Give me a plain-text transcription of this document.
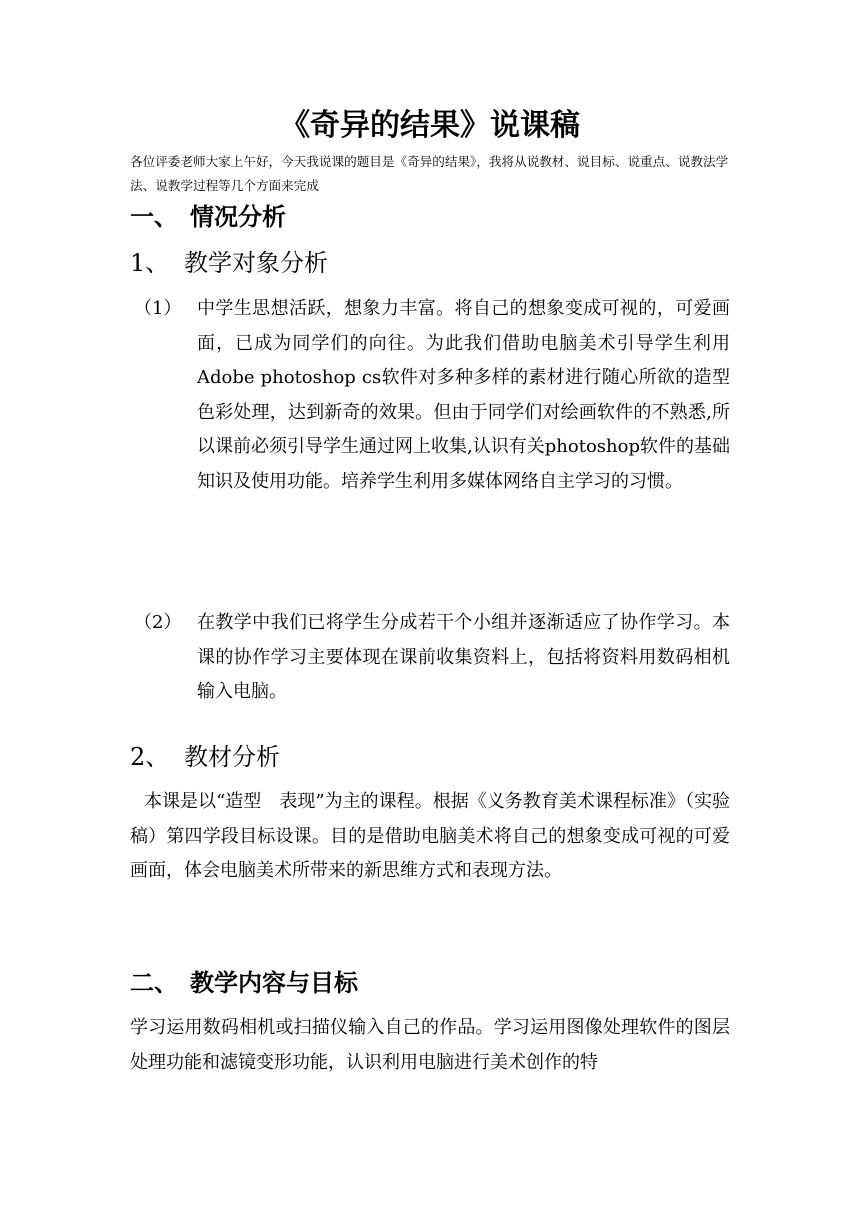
《奇异的结果》说课稿
各位评委老师大家上午好，今天我说课的题目是《奇异的结果》，我将从说教材、说目标、说重点、说教法学法、说教学过程等几个方面来完成
一、 情况分析
1、 教学对象分析
（1） 中学生思想活跃，想象力丰富。将自己的想象变成可视的，可爱画面，已成为同学们的向往。为此我们借助电脑美术引导学生利用Adobe photoshop cs软件对多种多样的素材进行随心所欲的造型色彩处理，达到新奇的效果。但由于同学们对绘画软件的不熟悉,所以课前必须引导学生通过网上收集,认识有关photoshop软件的基础知识及使用功能。培养学生利用多媒体网络自主学习的习惯。
（2） 在教学中我们已将学生分成若干个小组并逐渐适应了协作学习。本课的协作学习主要体现在课前收集资料上，包括将资料用数码相机输入电脑。
2、 教材分析
本课是以“造型　表现”为主的课程。根据《义务教育美术课程标准》（实验稿）第四学段目标设课。目的是借助电脑美术将自己的想象变成可视的可爱画面，体会电脑美术所带来的新思维方式和表现方法。
二、 教学内容与目标
学习运用数码相机或扫描仪输入自己的作品。学习运用图像处理软件的图层处理功能和滤镜变形功能，认识利用电脑进行美术创作的特
